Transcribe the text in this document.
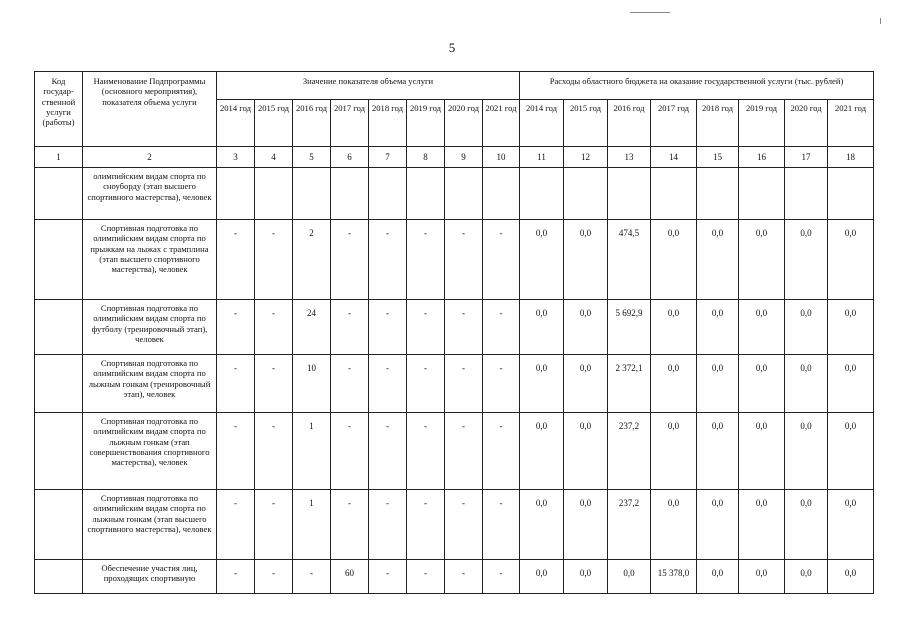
5
Код государ-ственной услуги (работы)	Наименование Подпрограммы (основного мероприятия), показателя объема услуги	Значение показателя объема услуги								Расходы областного бюджета на оказание государственной услуги (тыс. рублей)							
		2014 год	2015 год	2016 год	2017 год	2018 год	2019 год	2020 год	2021 год	2014 год	2015 год	2016 год	2017 год	2018 год	2019 год	2020 год	2021 год
1	2	3	4	5	6	7	8	9	10	11	12	13	14	15	16	17	18
	олимпийским видам спорта по сноуборду (этап высшего спортивного мастерства), человек																
	Спортивная подготовка по олимпийским видам спорта по прыжкам на лыжах с трамплина (этап высшего спортивного мастерства), человек	-	-	2	-	-	-	-	-	0,0	0,0	474,5	0,0	0,0	0,0	0,0	0,0
	Спортивная подготовка по олимпийским видам спорта по футболу (тренировочный этап), человек	-	-	24	-	-	-	-	-	0,0	0,0	5 692,9	0,0	0,0	0,0	0,0	0,0
	Спортивная подготовка по олимпийским видам спорта по лыжным гонкам (тренировочный этап), человек	-	-	10	-	-	-	-	-	0,0	0,0	2 372,1	0,0	0,0	0,0	0,0	0,0
	Спортивная подготовка по олимпийским видам спорта по лыжным гонкам (этап совершенствования спортивного мастерства), человек	-	-	1	-	-	-	-	-	0,0	0,0	237,2	0,0	0,0	0,0	0,0	0,0
	Спортивная подготовка по олимпийским видам спорта по лыжным гонкам (этап высшего спортивного мастерства), человек	-	-	1	-	-	-	-	-	0,0	0,0	237,2	0,0	0,0	0,0	0,0	0,0
	Обеспечение участия лиц, проходящих спортивную	-	-	-	60	-	-	-	-	0,0	0,0	0,0	15 378,0	0,0	0,0	0,0	0,0
